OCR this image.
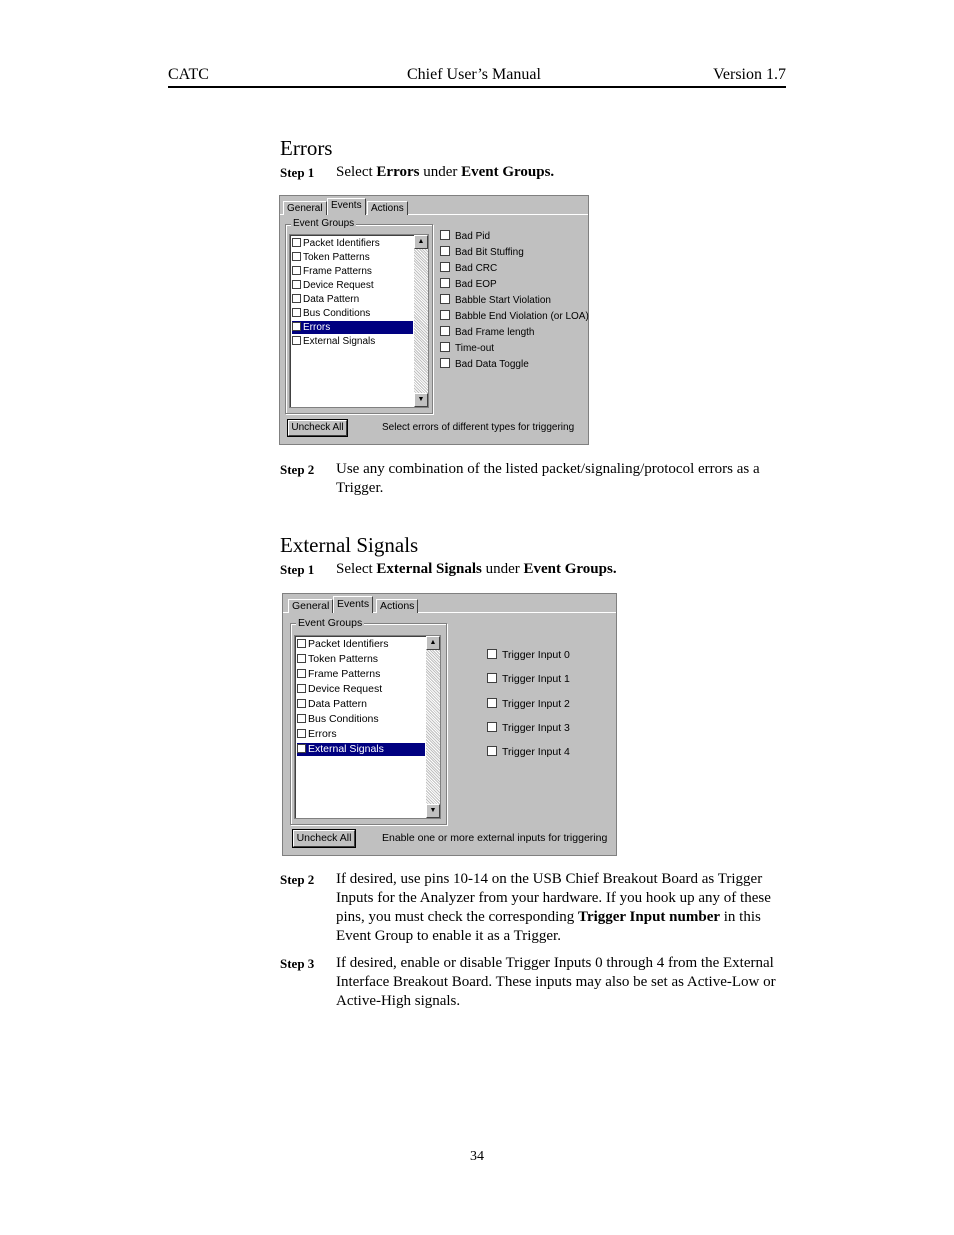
CATC	Chief User’s Manual	Version 1.7
Errors
Step 1 Select Errors under Event Groups.
General Events Actions
Event Groups
Packet Identifiers
Token Patterns
Frame Patterns
Device Request
Data Pattern
Bus Conditions
Errors
External Signals
▲
▼
Bad Pid
Bad Bit Stuffing
Bad CRC
Bad EOP
Babble Start Violation
Babble End Violation (or LOA)
Bad Frame length
Time-out
Bad Data Toggle
Uncheck All	Select errors of different types for triggering
Step 2 Use any combination of the listed packet/signaling/protocol errors as a Trigger.
External Signals
Step 1 Select External Signals under Event Groups.
General Events	Actions
Event Groups
Packet Identifiers
Token Patterns
Frame Patterns
Device Request
Data Pattern
Bus Conditions
Errors
External Signals
▲
▼
Trigger Input 0
Trigger Input 1
Trigger Input 2
Trigger Input 3
Trigger Input 4
Uncheck All	Enable one or more external inputs for triggering
Step 2 If desired, use pins 10-14 on the USB Chief Breakout Board as Trigger Inputs for the Analyzer from your hardware. If you hook up any of these pins, you must check the corresponding Trigger Input number in this Event Group to enable it as a Trigger.
Step 3 If desired, enable or disable Trigger Inputs 0 through 4 from the External Interface Breakout Board. These inputs may also be set as Active-Low or Active-High signals.
34
